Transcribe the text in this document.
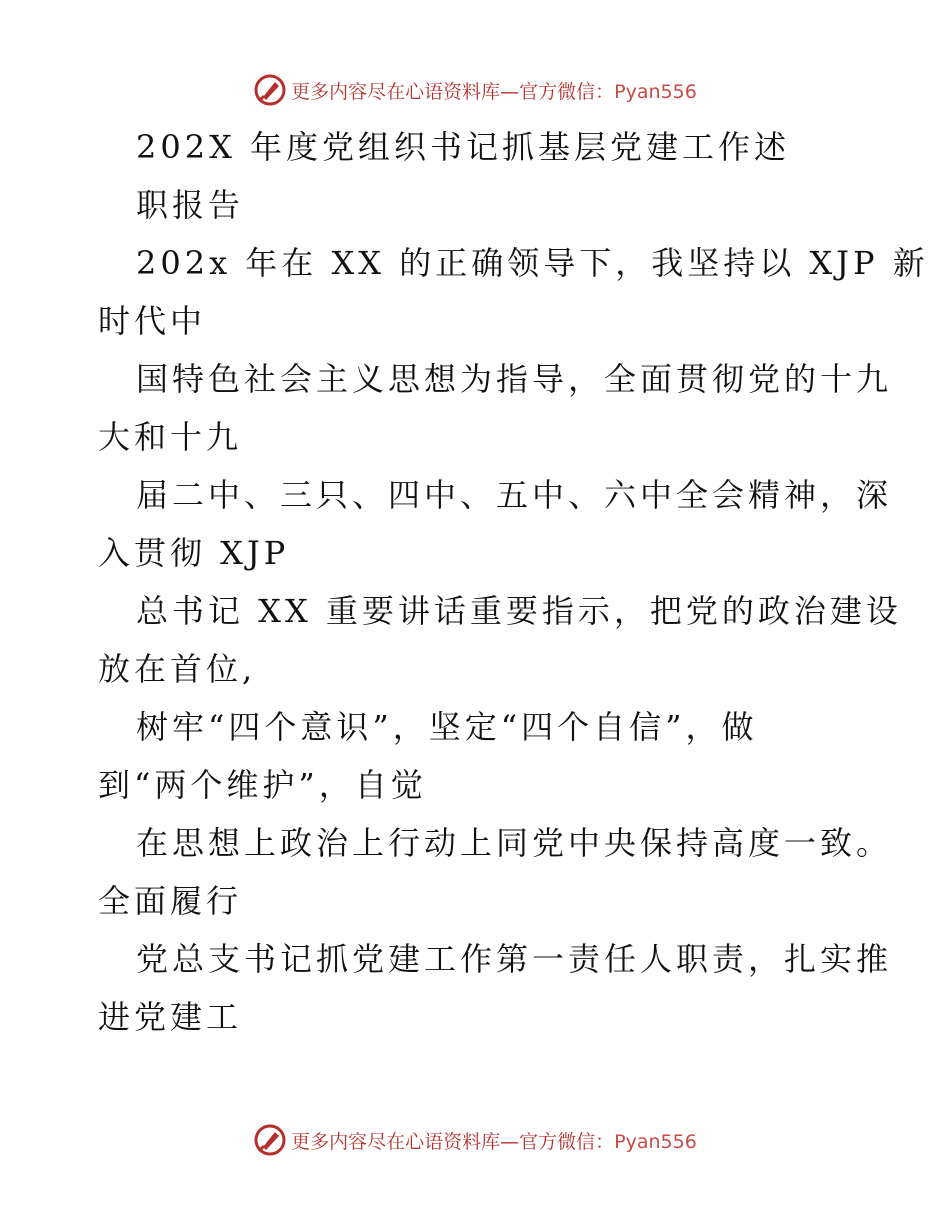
更多内容尽在心语资料库—官方微信：Pyan556
202X 年度党组织书记抓基层党建工作述
职报告
202x 年在 XX 的正确领导下，我坚持以 XJP 新
时代中
国特色社会主义思想为指导，全面贯彻党的十九
大和十九
届二中、三只、四中、五中、六中全会精神，深
入贯彻 XJP
总书记 XX 重要讲话重要指示，把党的政治建设
放在首位,
树牢“四个意识”，坚定“四个自信”，做
到“两个维护”，自觉
在思想上政治上行动上同党中央保持高度一致。
全面履行
党总支书记抓党建工作第一责任人职责，扎实推
进党建工
更多内容尽在心语资料库—官方微信：Pyan556
